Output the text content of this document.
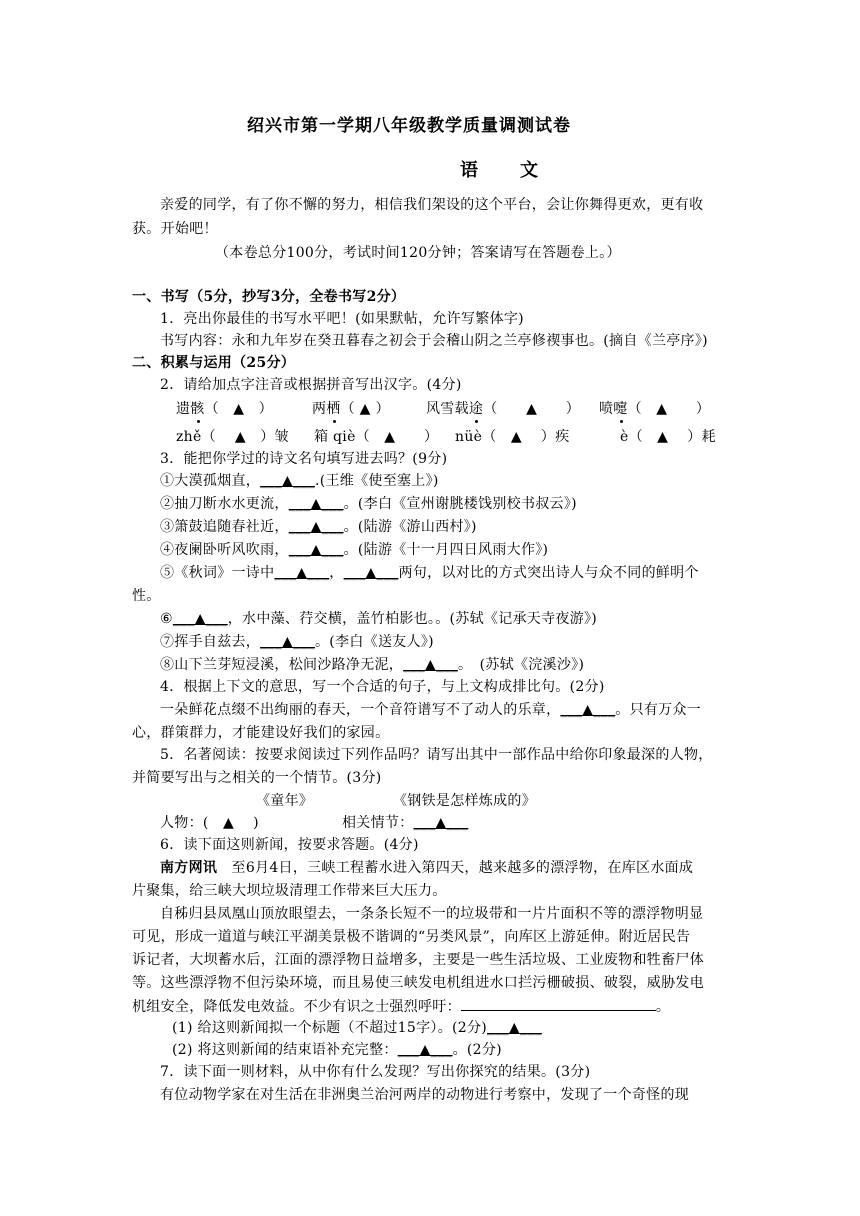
绍兴市第一学期八年级教学质量调测试卷
语　　文
亲爱的同学，有了你不懈的努力，相信我们架设的这个平台，会让你舞得更欢，更有收
获。开始吧！
（本卷总分100分，考试时间120分钟；答案请写在答题卷上。）
一、书写（5分，抄写3分，全卷书写2分）
1．亮出你最佳的书写水平吧！(如果默帖，允许写繁体字)
书写内容：永和九年岁在癸丑暮春之初会于会稽山阴之兰亭修禊事也。(摘自《兰亭序》)
二、积累与运用（25分）
2．请给加点字注音或根据拼音写出汉字。(4分)
遗骸（　▲　）	两栖（ ▲ ）	风雪载途（　　▲　　） 喷嚏（　▲　　）
zhě（　 ▲　）皱 箱 qiè（　▲　　） nüè（　▲　 ）疾	è（　▲　 ）耗
3．能把你学过的诗文名句填写进去吗？(9分)
①大漠孤烟直，___▲___.(王维《使至塞上》)
②抽刀断水水更流，___▲___。(李白《宣州谢朓楼饯别校书叔云》)
③箫鼓追随春社近，___▲___。(陆游《游山西村》)
④夜阑卧听风吹雨，___▲___。(陆游《十一月四日风雨大作》)
⑤《秋词》一诗中___▲___，___▲___两句，以对比的方式突出诗人与众不同的鲜明个
性。
⑥___▲___，水中藻、荇交横，盖竹柏影也。。(苏轼《记承天寺夜游》)
⑦挥手自兹去，___▲___。(李白《送友人》)
⑧山下兰芽短浸溪，松间沙路净无泥，___▲___。　(苏轼《浣溪沙》)
4．根据上下文的意思，写一个合适的句子，与上文构成排比句。(2分)
一朵鲜花点缀不出绚丽的春天，一个音符谱写不了动人的乐章，___▲___。只有万众一
心，群策群力，才能建设好我们的家园。
5．名著阅读：按要求阅读过下列作品吗？请写出其中一部作品中给你印象最深的人物，
并简要写出与之相关的一个情节。(3分)
《童年》	《钢铁是怎样炼成的》
人物：(　▲　 )	相关情节：___▲___
6．读下面这则新闻，按要求答题。(4分)
南方网讯　 至6月4日，三峡工程蓄水进入第四天，越来越多的漂浮物，在库区水面成
片聚集，给三峡大坝垃圾清理工作带来巨大压力。
自秭归县凤凰山顶放眼望去，一条条长短不一的垃圾带和一片片面积不等的漂浮物明显
可见，形成一道道与峡江平湖美景极不谐调的“另类风景”，向库区上游延伸。附近居民告
诉记者，大坝蓄水后，江面的漂浮物日益增多，主要是一些生活垃圾、工业废物和牲畜尸体
等。这些漂浮物不但污染环境，而且易使三峡发电机组进水口拦污栅破损、破裂，威胁发电
机组安全，降低发电效益。不少有识之士强烈呼吁：	。
(1) 给这则新闻拟一个标题（不超过15字）。(2分)___▲___
(2) 将这则新闻的结束语补充完整：___▲___。(2分)
7．读下面一则材料，从中你有什么发现？写出你探究的结果。(3分)
有位动物学家在对生活在非洲奥兰治河两岸的动物进行考察中，发现了一个奇怪的现
